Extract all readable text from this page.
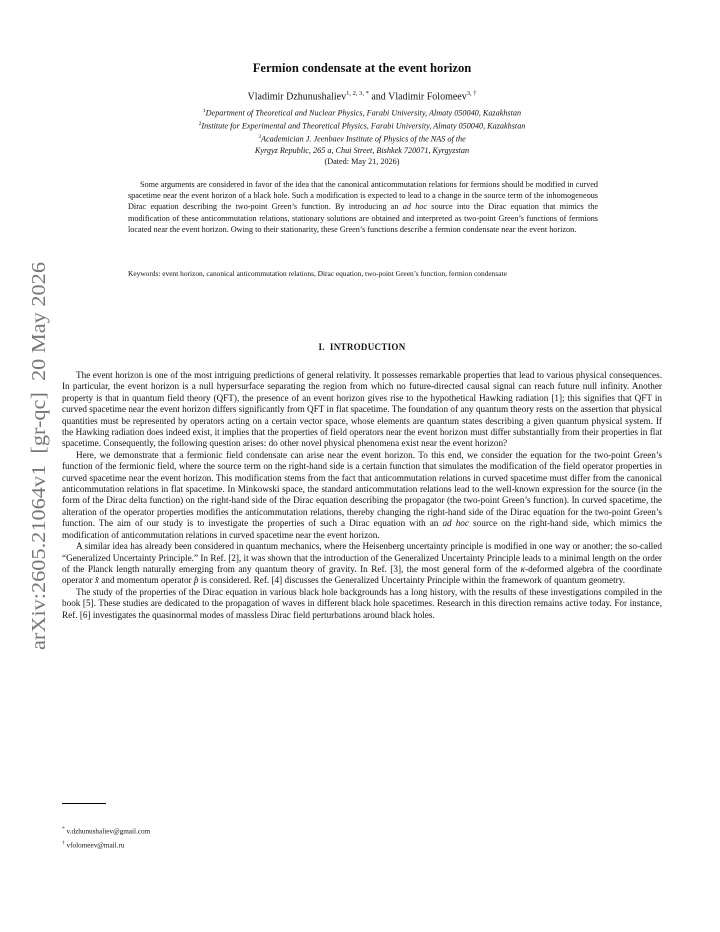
arXiv:2605.21064v1  [gr-qc]  20 May 2026
Fermion condensate at the event horizon
Vladimir Dzhunushaliev$^{1, 2, 3, *}$ and Vladimir Folomeev$^{3, \dagger}$
$^1$Department of Theoretical and Nuclear Physics, Farabi University, Almaty 050040, Kazakhstan
$^2$Institute for Experimental and Theoretical Physics, Farabi University, Almaty 050040, Kazakhstan
$^3$Academician J. Jeenbaev Institute of Physics of the NAS of the
Kyrgyz Republic, 265 a, Chui Street, Bishkek 720071, Kyrgyzstan
(Dated: May 21, 2026)

Some arguments are considered in favor of the idea that the canonical anticommutation relations for fermions should be modified in curved spacetime near the event horizon of a black hole. Such a modification is expected to lead to a change in the source term of the inhomogeneous Dirac equation describing the two-point Green’s function. By introducing an ad hoc source into the Dirac equation that mimics the modification of these anticommutation relations, stationary solutions are obtained and interpreted as two-point Green’s functions of fermions located near the event horizon. Owing to their stationarity, these Green’s functions describe a fermion condensate near the event horizon.

Keywords: event horizon, canonical anticommutation relations, Dirac equation, two-point Green’s function, fermion condensate
I. INTRODUCTION

The event horizon is one of the most intriguing predictions of general relativity. It possesses remarkable properties that lead to various physical consequences. In particular, the event horizon is a null hypersurface separating the region from which no future-directed causal signal can reach future null infinity. Another property is that in quantum field theory (QFT), the presence of an event horizon gives rise to the hypothetical Hawking radiation [1]; this signifies that QFT in curved spacetime near the event horizon differs significantly from QFT in flat spacetime. The foundation of any quantum theory rests on the assertion that physical quantities must be represented by operators acting on a certain vector space, whose elements are quantum states describing a given quantum physical system. If the Hawking radiation does indeed exist, it implies that the properties of field operators near the event horizon must differ substantially from their properties in flat spacetime. Consequently, the following question arises: do other novel physical phenomena exist near the event horizon?

Here, we demonstrate that a fermionic field condensate can arise near the event horizon. To this end, we consider the equation for the two-point Green’s function of the fermionic field, where the source term on the right-hand side is a certain function that simulates the modification of the field operator properties in curved spacetime near the event horizon. This modification stems from the fact that anticommutation relations in curved spacetime must differ from the canonical anticommutation relations in flat spacetime. In Minkowski space, the standard anticommutation relations lead to the well-known expression for the source (in the form of the Dirac delta function) on the right-hand side of the Dirac equation describing the propagator (the two-point Green’s function). In curved spacetime, the alteration of the operator properties modifies the anticommutation relations, thereby changing the right-hand side of the Dirac equation for the two-point Green’s function. The aim of our study is to investigate the properties of such a Dirac equation with an ad hoc source on the right-hand side, which mimics the modification of anticommutation relations in curved spacetime near the event horizon.

A similar idea has already been considered in quantum mechanics, where the Heisenberg uncertainty principle is modified in one way or another: the so-called “Generalized Uncertainty Principle.” In Ref. [2], it was shown that the introduction of the Generalized Uncertainty Principle leads to a minimal length on the order of the Planck length naturally emerging from any quantum theory of gravity. In Ref. [3], the most general form of the κ-deformed algebra of the coordinate operator x̂ and momentum operator p̂ is considered. Ref. [4] discusses the Generalized Uncertainty Principle within the framework of quantum geometry.

The study of the properties of the Dirac equation in various black hole backgrounds has a long history, with the results of these investigations compiled in the book [5]. These studies are dedicated to the propagation of waves in different black hole spacetimes. Research in this direction remains active today. For instance, Ref. [6] investigates the quasinormal modes of massless Dirac field perturbations around black holes.

* v.dzhunushaliev@gmail.com
† vfolomeev@mail.ru
